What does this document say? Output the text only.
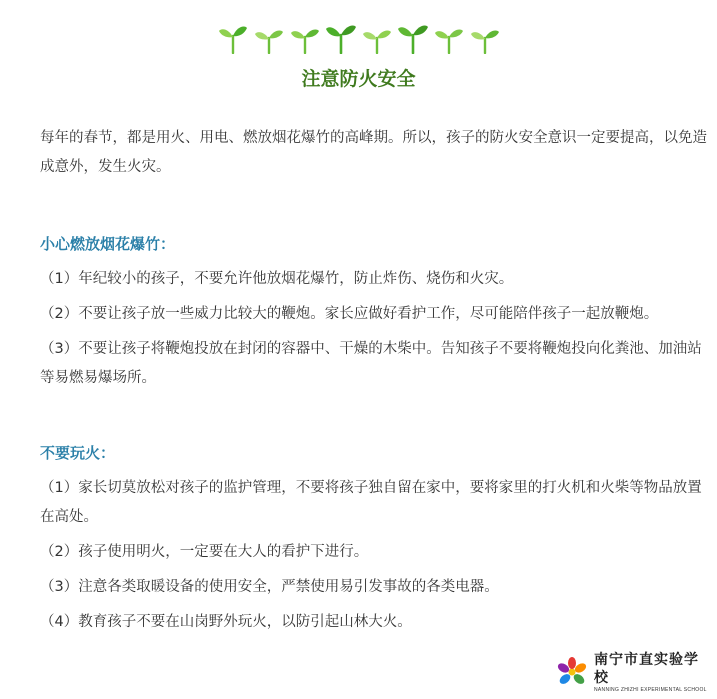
注意防火安全

每年的春节，都是用火、用电、燃放烟花爆竹的高峰期。所以，孩子的防火安全意识一定要提高，以免造成意外，发生火灾。

小心燃放烟花爆竹：

（1）年纪较小的孩子，不要允许他放烟花爆竹，防止炸伤、烧伤和火灾。

（2）不要让孩子放一些威力比较大的鞭炮。家长应做好看护工作，尽可能陪伴孩子一起放鞭炮。

（3）不要让孩子将鞭炮投放在封闭的容器中、干燥的木柴中。告知孩子不要将鞭炮投向化粪池、加油站等易燃易爆场所。

不要玩火：

（1）家长切莫放松对孩子的监护管理，不要将孩子独自留在家中，要将家里的打火机和火柴等物品放置在高处。

（2）孩子使用明火，一定要在大人的看护下进行。

（3）注意各类取暖设备的使用安全，严禁使用易引发事故的各类电器。

（4）教育孩子不要在山岗野外玩火，以防引起山林大火。

南宁市直实验学校
NANNING ZHIZHI EXPERIMENTAL SCHOOL
